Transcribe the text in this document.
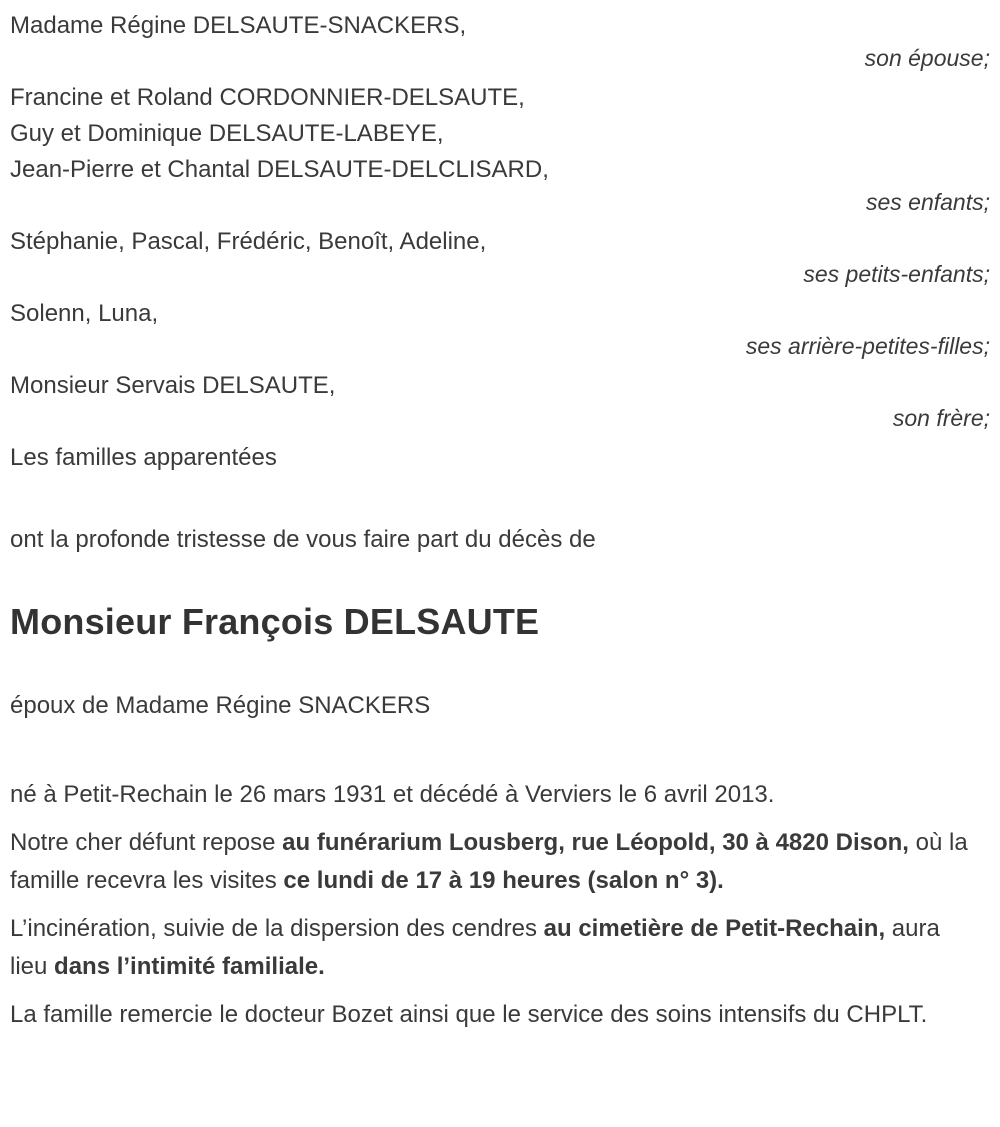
Madame Régine DELSAUTE-SNACKERS,
son épouse;
Francine et Roland CORDONNIER-DELSAUTE,
Guy et Dominique DELSAUTE-LABEYE,
Jean-Pierre et Chantal DELSAUTE-DELCLISARD,
ses enfants;
Stéphanie, Pascal, Frédéric, Benoît, Adeline,
ses petits-enfants;
Solenn, Luna,
ses arrière-petites-filles;
Monsieur Servais DELSAUTE,
son frère;
Les familles apparentées

ont la profonde tristesse de vous faire part du décès de

Monsieur François DELSAUTE

époux de Madame Régine SNACKERS

né à Petit-Rechain le 26 mars 1931 et décédé à Verviers le 6 avril 2013.

Notre cher défunt repose au funérarium Lousberg, rue Léopold, 30 à 4820 Dison, où la famille recevra les visites ce lundi de 17 à 19 heures (salon n° 3).

L’incinération, suivie de la dispersion des cendres au cimetière de Petit-Rechain, aura lieu dans l’intimité familiale.

La famille remercie le docteur Bozet ainsi que le service des soins intensifs du CHPLT.
